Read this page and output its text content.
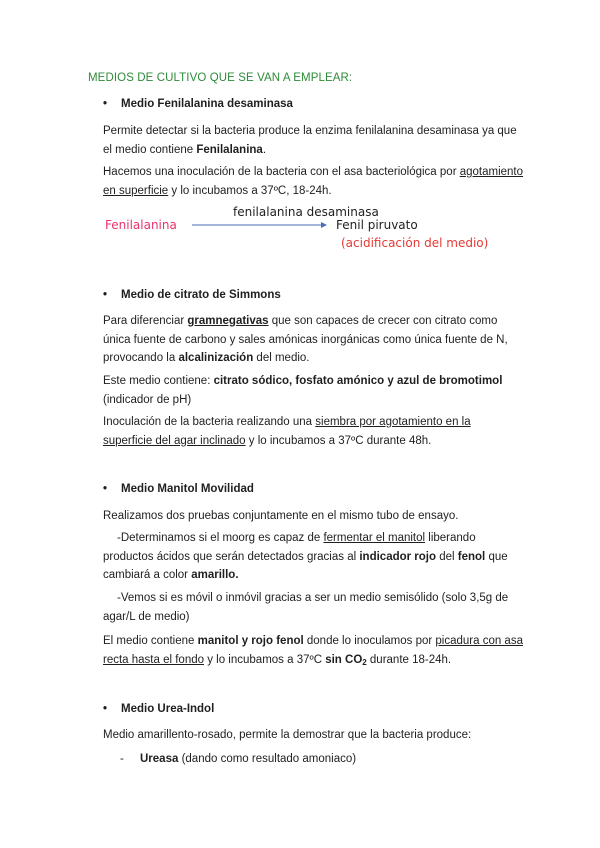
MEDIOS DE CULTIVO QUE SE VAN A EMPLEAR:
• Medio Fenilalanina desaminasa
Permite detectar si la bacteria produce la enzima fenilalanina desaminasa ya que el medio contiene Fenilalanina.
Hacemos una inoculación de la bacteria con el asa bacteriológica por agotamiento en superficie y lo incubamos a 37ºC, 18-24h.
Fenilalanina
fenilalanina desaminasa
Fenil piruvato
(acidificación del medio)
• Medio de citrato de Simmons
Para diferenciar gramnegativas que son capaces de crecer con citrato como única fuente de carbono y sales amónicas inorgánicas como única fuente de N, provocando la alcalinización del medio.
Este medio contiene: citrato sódico, fosfato amónico y azul de bromotimol (indicador de pH)
Inoculación de la bacteria realizando una siembra por agotamiento en la superficie del agar inclinado y lo incubamos a 37ºC durante 48h.
• Medio Manitol Movilidad
Realizamos dos pruebas conjuntamente en el mismo tubo de ensayo.
-Determinamos si el moorg es capaz de fermentar el manitol liberando productos ácidos que serán detectados gracias al indicador rojo del fenol que cambiará a color amarillo.
-Vemos si es móvil o inmóvil gracias a ser un medio semisólido (solo 3,5g de agar/L de medio)
El medio contiene manitol y rojo fenol donde lo inoculamos por picadura con asa recta hasta el fondo y lo incubamos a 37ºC $\sin CO_2$ durante 18-24h.
• Medio Urea-Indol
Medio amarillento-rosado, permite la demostrar que la bacteria produce:
- Ureasa (dando como resultado amoniaco)
